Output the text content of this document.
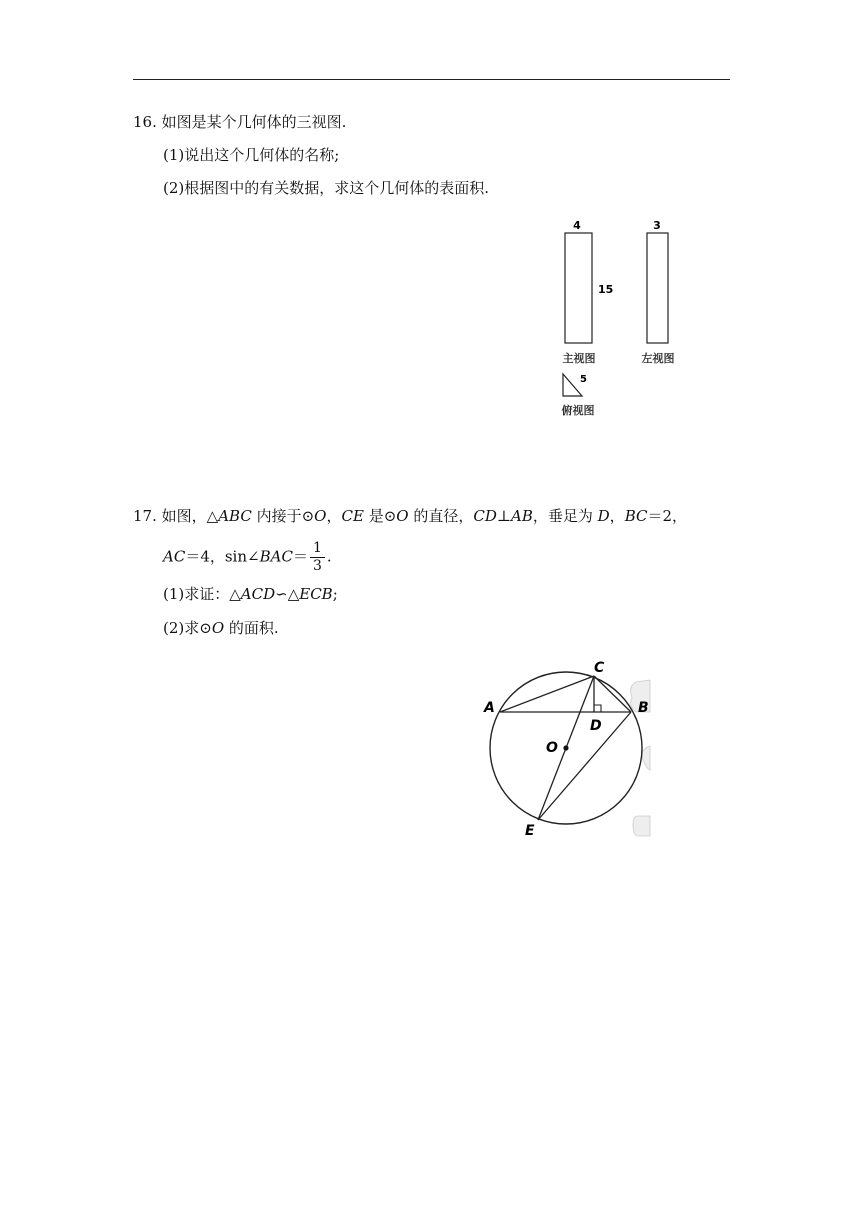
16. 如图是某个几何体的三视图.
(1)说出这个几何体的名称;
(2)根据图中的有关数据，求这个几何体的表面积.
4
15
3
主视图	左视图
5
俯视图
17. 如图，△ABC 内接于⊙O，CE 是⊙O 的直径，CD⊥AB，垂足为 D，BC＝2，
AC＝4，sin∠BAC＝ $\frac{1}{3}$ .
(1)求证：△ACD∽△ECB;
(2)求⊙O 的面积.
C
A	B
D
O
E
